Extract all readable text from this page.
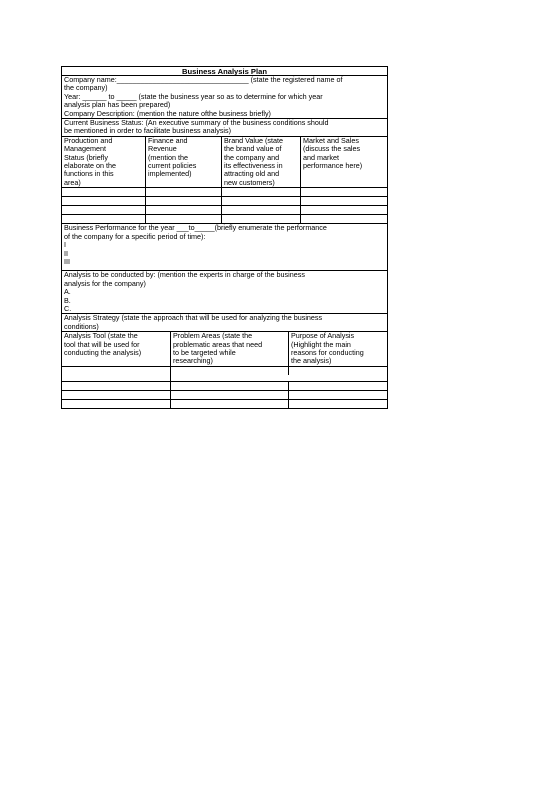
Business Analysis Plan
Company name:_________________________________ (state the registered name of
the company)
Year: ______ to _____ (state the business year so as to determine for which year
analysis plan has been prepared)
Company Description: (mention the nature ofthe business briefly)
Current Business Status: (An executive summary of the business conditions should
be mentioned in order to facilitate business analysis)
Production and
Management
Status (briefly
elaborate on the
functions in this
area)
Finance and
Revenue
(mention the
current policies
implemented)
Brand Value (state
the brand value of
the company and
its effectiveness in
attracting old and
new customers)
Market and Sales
(discuss the sales
and market
performance here)
Business Performance for the year ___to_____(briefly enumerate the performance
of the company for a specific period of time):
I
II
III
Analysis to be conducted by: (mention the experts in charge of the business
analysis for the company)
A.
B.
C.
Analysis Strategy (state the approach that will be used for analyzing the business
conditions)
Analysis Tool (state the
tool that will be used for
conducting the analysis)
Problem Areas (state the
problematic areas that need
to be targeted while
researching)
Purpose of Analysis
(Highlight the main
reasons for conducting
the analysis)
